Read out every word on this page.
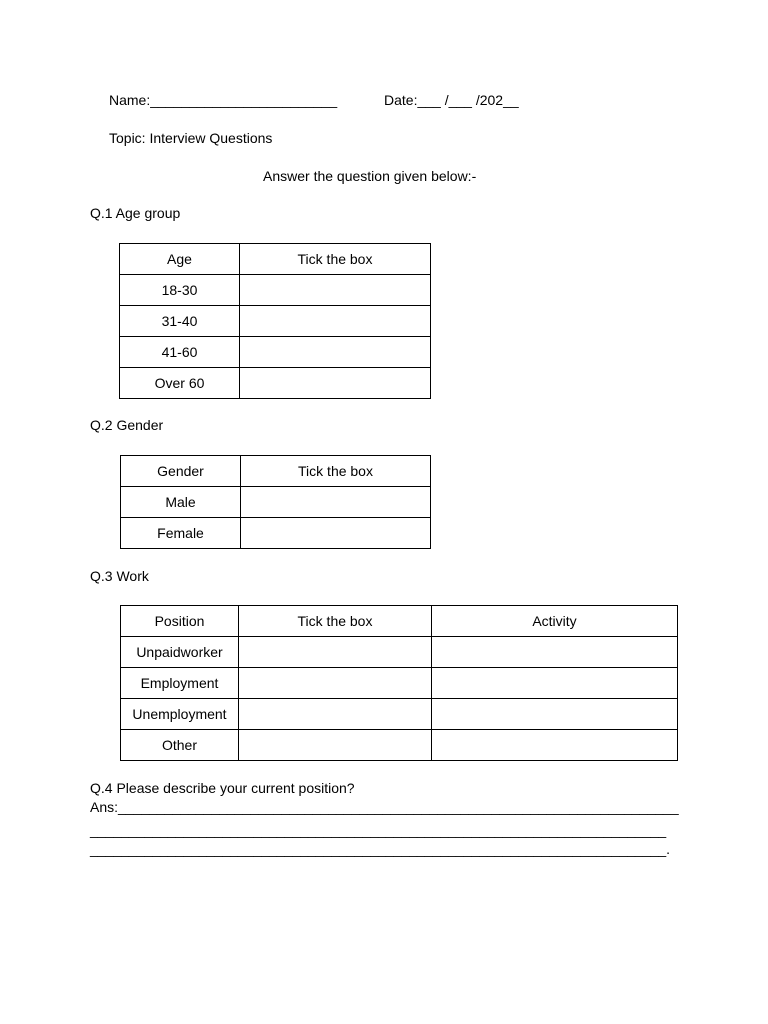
Name:________________________	Date:___ /___ /202__
Topic: Interview Questions
Answer the question given below:-
Q.1 Age group
Age	Tick the box
18-30	
31-40	
41-60	
Over 60	
Q.2 Gender
Gender	Tick the box
Male	
Female	
Q.3 Work
Position	Tick the box	Activity
Unpaidworker		
Employment		
Unemployment		
Other		
Q.4 Please describe your current position?
Ans:________________________________________________________________________
__________________________________________________________________________
__________________________________________________________________________.
